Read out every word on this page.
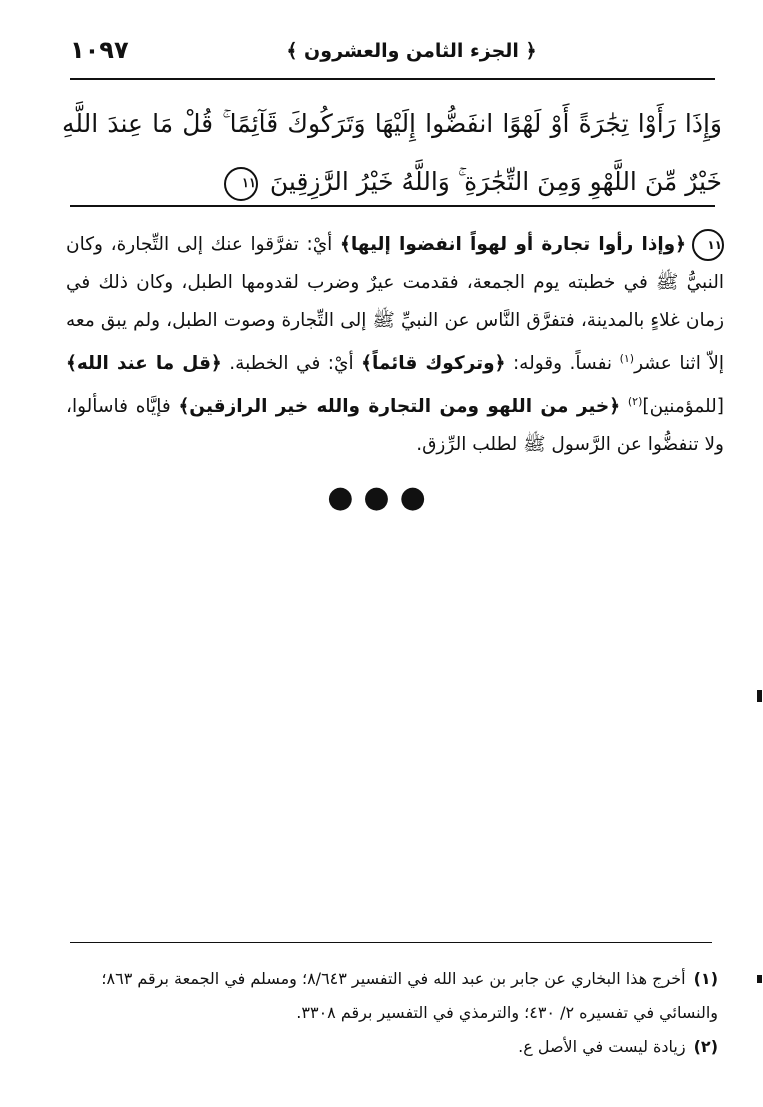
١٠٩٧	﴿ الجزء الثامن والعشرون ﴾
وَإِذَا رَأَوْا تِجَٰرَةً أَوْ لَهْوًا انفَضُّوا إِلَيْهَا وَتَرَكُوكَ قَآئِمًا ۚ قُلْ مَا عِندَ اللَّهِ خَيْرٌ مِّنَ اللَّهْوِ وَمِنَ التِّجَٰرَةِ ۚ وَاللَّهُ خَيْرُ الرَّٰزِقِينَ ١١
١١﴿وإذا رأوا تجارة أو لهواً انفضوا إليها﴾ أيْ: تفرَّقوا عنك إلى التِّجارة، وكان النبيُّ ﷺ في خطبته يوم الجمعة، فقدمت عيرٌ وضرب لقدومها الطبل، وكان ذلك في زمان غلاءٍ بالمدينة، فتفرَّق النَّاس عن النبيِّ ﷺ إلى التِّجارة وصوت الطبل، ولم يبق معه إلاّ اثنا عشر$^{(١)}$ نفساً. وقوله: ﴿وتركوك قائماً﴾ أيْ: في الخطبة. ﴿قل ما عند الله﴾ [للمؤمنين]$^{(٢)}$ ﴿خير من اللهو ومن التجارة والله خير الرازقين﴾ فإيَّاه فاسألوا، ولا تنفضُّوا عن الرَّسول ﷺ لطلب الرِّزق.
●●●

(١)أخرج هذا البخاري عن جابر بن عبد الله في التفسير ٨/٦٤٣؛ ومسلم في الجمعة برقم ٨٦٣؛ والنسائي في تفسيره ٢/ ٤٣٠؛ والترمذي في التفسير برقم ٣٣٠٨.

(٢)زيادة ليست في الأصل ع.
